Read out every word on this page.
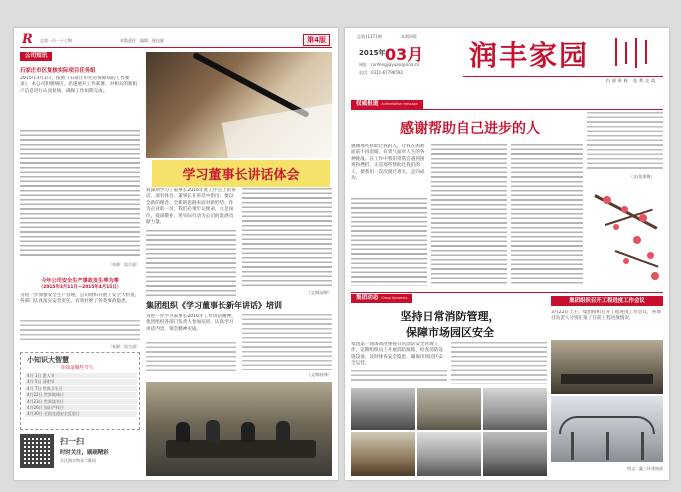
R 总第一百一十七期	本版责任：编辑：崔佳妮	第4版
公司短讯
石家庄市区复核实际项目任务组
2015年3月1日，按照《石家庄市住房保障局的工作要求》，本公司积极响应，迅速展开工作部署，对相关的新租户信息进行认真复核，确保工作如期完成。
（来源：综合部）
今年公司安全生产事故发生率为零
（2015年3月11日—2015年4月15日）
为进一步加强安全生产管理，公司组织开展了安全大检查，各部门认真落实安全责任，有效杜绝了各类事故隐患。
（来源：综合部）
小知识大智慧
你知道哪些节气
4月 1日 愚人节
4月 5日 清明节
4月 7日 世界卫生日
4月22日 世界地球日
4月23日 世界读书日
4月26日 知识产权日
4月30日 全国交通安全反思日
扫一扫
时时关注，刷刷精彩
关注润丰物业二维码
学习董事长讲话体会
我深刻学习了董事长2016年度工作会上的讲话，深有体会。董事长在讲话中指出：要以全新的理念、全新的思路来面对新形势。作为企业的一员，我们必须牢记使命，立足岗位，爱岗敬业，用实际行动为公司的发展贡献力量。
（文/陈丽婷）
集团组织《学习董事长新年讲话》培训
为进一步学习董事长2016年工作讲话精神，集团组织各部门负责人参加培训，认真学习讲话内容，领会精神实质。
（文/陈桂林）
总第{117}期	本期四版
2015年 03月
网址：runfengjiayuan@sina.cn
电话：0311-67796592
润丰家园
内部资料 免费交流
权威报道 Authoritative message
感谢帮助自己进步的人
感谢那些帮助过我的人，让我在困难面前不再退缩，有勇气面对人生的各种挑战。在工作中我们常常会遇到困难和挫折，正是那些帮助过我们的人，使我们一次次渡过难关，走向成功。	（文/张建梅）
集团动态 Group dynamics
坚持日常消防管理，
保障市场园区安全
集团第一商场高度重视日常消防安全管理工作，定期组织员工开展消防演练，检查消防设施设备，及时排查安全隐患，确保市场园区安全运营。
集团组织召开工程进度工作会议
3月22日上午，集团组织召开工程进度工作会议，各项目负责人分别汇报了目前工程进度情况。
图文：鑫三环建筑部
